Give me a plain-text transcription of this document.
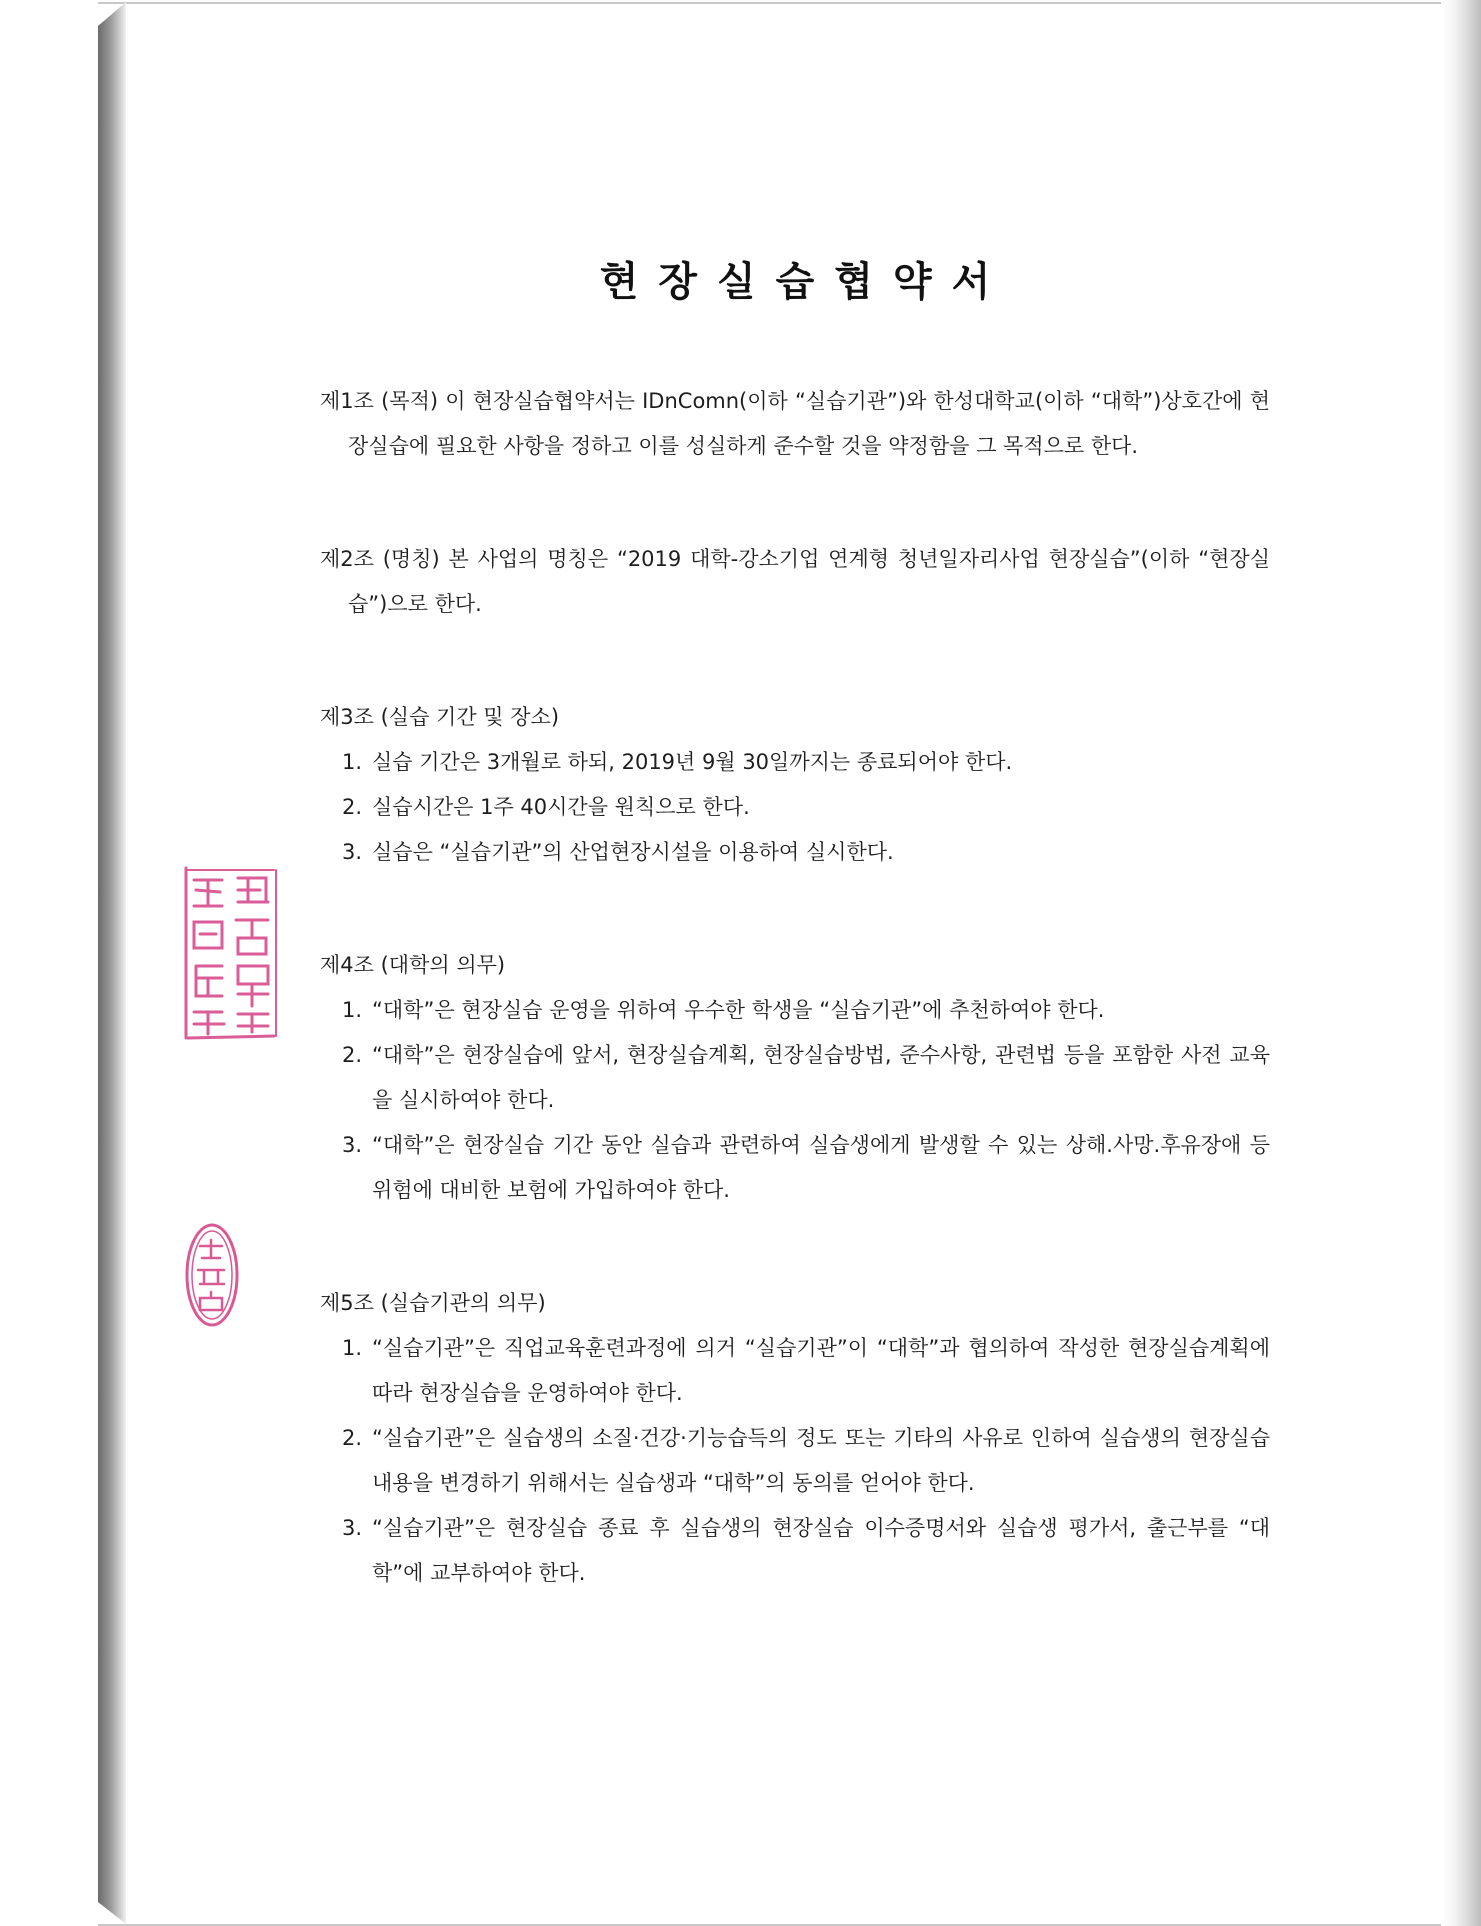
현장실습협약서

제1조 (목적) 이 현장실습협약서는 IDnComn(이하 “실습기관”)와 한성대학교(이하 “대학”)상호간에 현장실습에 필요한 사항을 정하고 이를 성실하게 준수할 것을 약정함을 그 목적으로 한다.

제2조 (명칭) 본 사업의 명칭은 “2019 대학-강소기업 연계형 청년일자리사업 현장실습”(이하 “현장실습”)으로 한다.

제3조 (실습 기간 및 장소)

1. 실습 기간은 3개월로 하되, 2019년 9월 30일까지는 종료되어야 한다.
2. 실습시간은 1주 40시간을 원칙으로 한다.
3. 실습은 “실습기관”의 산업현장시설을 이용하여 실시한다.

제4조 (대학의 의무)

1. “대학”은 현장실습 운영을 위하여 우수한 학생을 “실습기관”에 추천하여야 한다.
2. “대학”은 현장실습에 앞서, 현장실습계획, 현장실습방법, 준수사항, 관련법 등을 포함한 사전 교육을 실시하여야 한다.
3. “대학”은 현장실습 기간 동안 실습과 관련하여 실습생에게 발생할 수 있는 상해.사망.후유장애 등 위험에 대비한 보험에 가입하여야 한다.

제5조 (실습기관의 의무)

1. “실습기관”은 직업교육훈련과정에 의거 “실습기관”이 “대학”과 협의하여 작성한 현장실습계획에 따라 현장실습을 운영하여야 한다.
2. “실습기관”은 실습생의 소질·건강·기능습득의 정도 또는 기타의 사유로 인하여 실습생의 현장실습내용을 변경하기 위해서는 실습생과 “대학”의 동의를 얻어야 한다.
3. “실습기관”은 현장실습 종료 후 실습생의 현장실습 이수증명서와 실습생 평가서, 출근부를 “대학”에 교부하여야 한다.
